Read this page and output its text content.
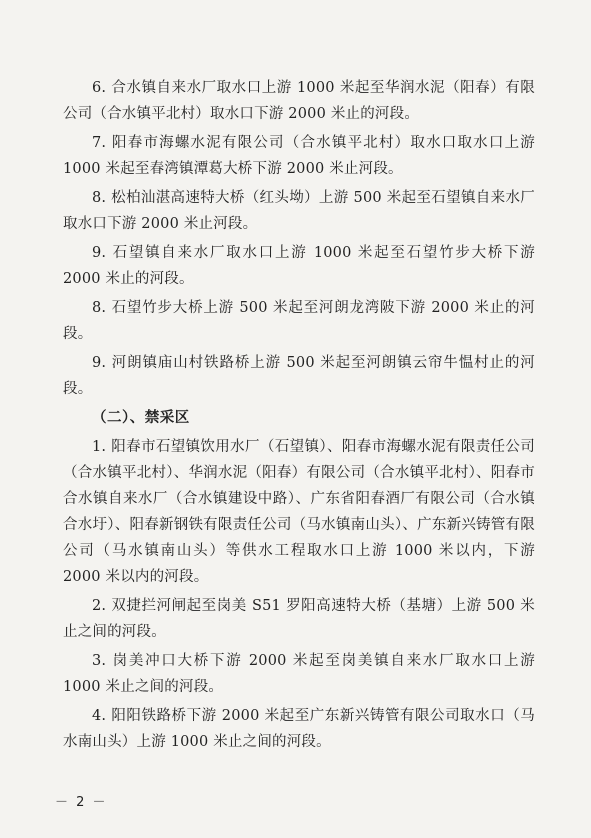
6. 合水镇自来水厂取水口上游 1000 米起至华润水泥（阳春）有限公司（合水镇平北村）取水口下游 2000 米止的河段。

7. 阳春市海螺水泥有限公司（合水镇平北村）取水口取水口上游 1000 米起至春湾镇潭葛大桥下游 2000 米止河段。

8. 松柏汕湛高速特大桥（红头坳）上游 500 米起至石望镇自来水厂取水口下游 2000 米止河段。

9. 石望镇自来水厂取水口上游 1000 米起至石望竹步大桥下游 2000 米止的河段。

8. 石望竹步大桥上游 500 米起至河朗龙湾陂下游 2000 米止的河段。

9. 河朗镇庙山村铁路桥上游 500 米起至河朗镇云帘牛愠村止的河段。

（二）、禁采区

1. 阳春市石望镇饮用水厂（石望镇）、阳春市海螺水泥有限责任公司（合水镇平北村）、华润水泥（阳春）有限公司（合水镇平北村）、阳春市合水镇自来水厂（合水镇建设中路）、广东省阳春酒厂有限公司（合水镇合水圩）、阳春新钢铁有限责任公司（马水镇南山头）、广东新兴铸管有限公司（马水镇南山头）等供水工程取水口上游 1000 米以内，下游 2000 米以内的河段。

2. 双捷拦河闸起至岗美 S51 罗阳高速特大桥（基塘）上游 500 米止之间的河段。

3. 岗美冲口大桥下游 2000 米起至岗美镇自来水厂取水口上游 1000 米止之间的河段。

4. 阳阳铁路桥下游 2000 米起至广东新兴铸管有限公司取水口（马水南山头）上游 1000 米止之间的河段。

－ 2 －
